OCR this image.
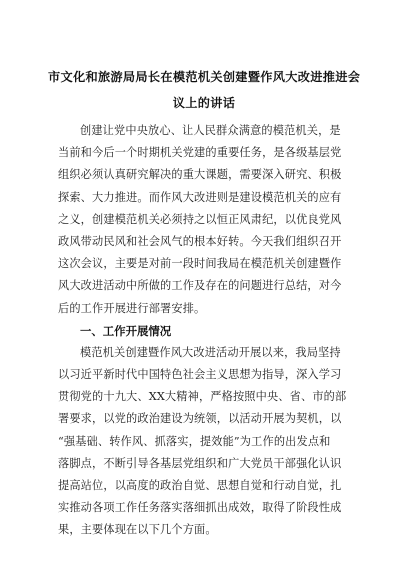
市文化和旅游局局长在模范机关创建暨作风大改进推进会
议上的讲话
创建让党中央放心、让人民群众满意的模范机关，是
当前和今后一个时期机关党建的重要任务，是各级基层党
组织必须认真研究解决的重大课题，需要深入研究、积极
探索、大力推进。而作风大改进则是建设模范机关的应有
之义，创建模范机关必须持之以恒正风肃纪，以优良党风
政风带动民风和社会风气的根本好转。今天我们组织召开
这次会议，主要是对前一段时间我局在模范机关创建暨作
风大改进活动中所做的工作及存在的问题进行总结，对今
后的工作开展进行部署安排。
一、工作开展情况
模范机关创建暨作风大改进活动开展以来，我局坚持
以习近平新时代中国特色社会主义思想为指导，深入学习
贯彻党的十九大、XX大精神，严格按照中央、省、市的部
署要求，以党的政治建设为统领，以活动开展为契机，以
“强基础、转作风、抓落实，提效能”为工作的出发点和
落脚点，不断引导各基层党组织和广大党员干部强化认识
提高站位，以高度的政治自觉、思想自觉和行动自觉，扎
实推动各项工作任务落实落细抓出成效，取得了阶段性成
果，主要体现在以下几个方面。
